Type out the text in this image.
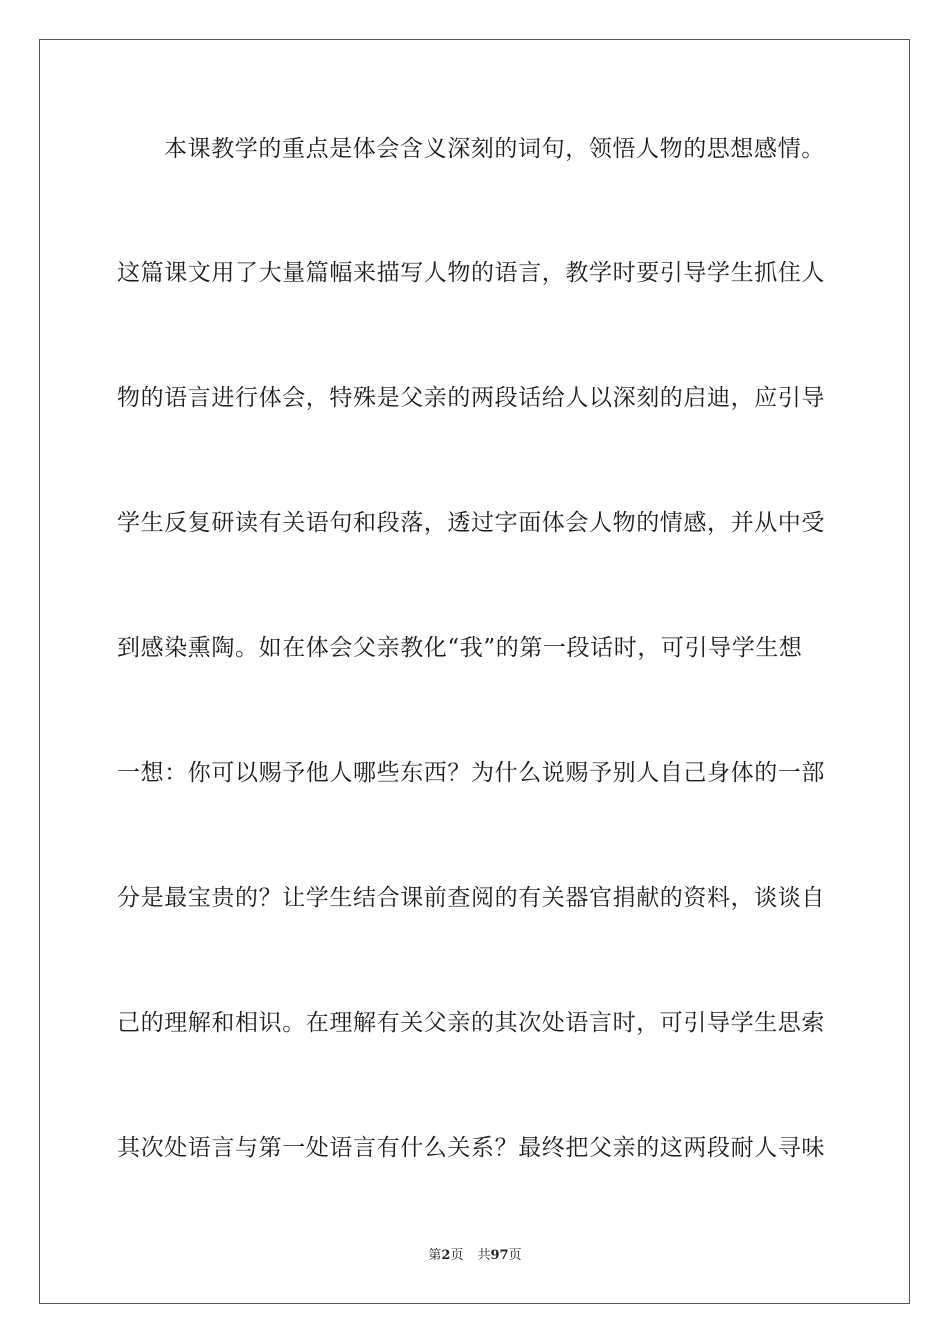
本课教学的重点是体会含义深刻的词句，领悟人物的思想感情。
这篇课文用了大量篇幅来描写人物的语言，教学时要引导学生抓住人
物的语言进行体会，特殊是父亲的两段话给人以深刻的启迪，应引导
学生反复研读有关语句和段落，透过字面体会人物的情感，并从中受
到感染熏陶。如在体会父亲教化“我”的第一段话时，可引导学生想
一想：你可以赐予他人哪些东西？为什么说赐予别人自己身体的一部
分是最宝贵的？让学生结合课前查阅的有关器官捐献的资料，谈谈自
己的理解和相识。在理解有关父亲的其次处语言时，可引导学生思索
其次处语言与第一处语言有什么关系？最终把父亲的这两段耐人寻味
第2页 共97页
